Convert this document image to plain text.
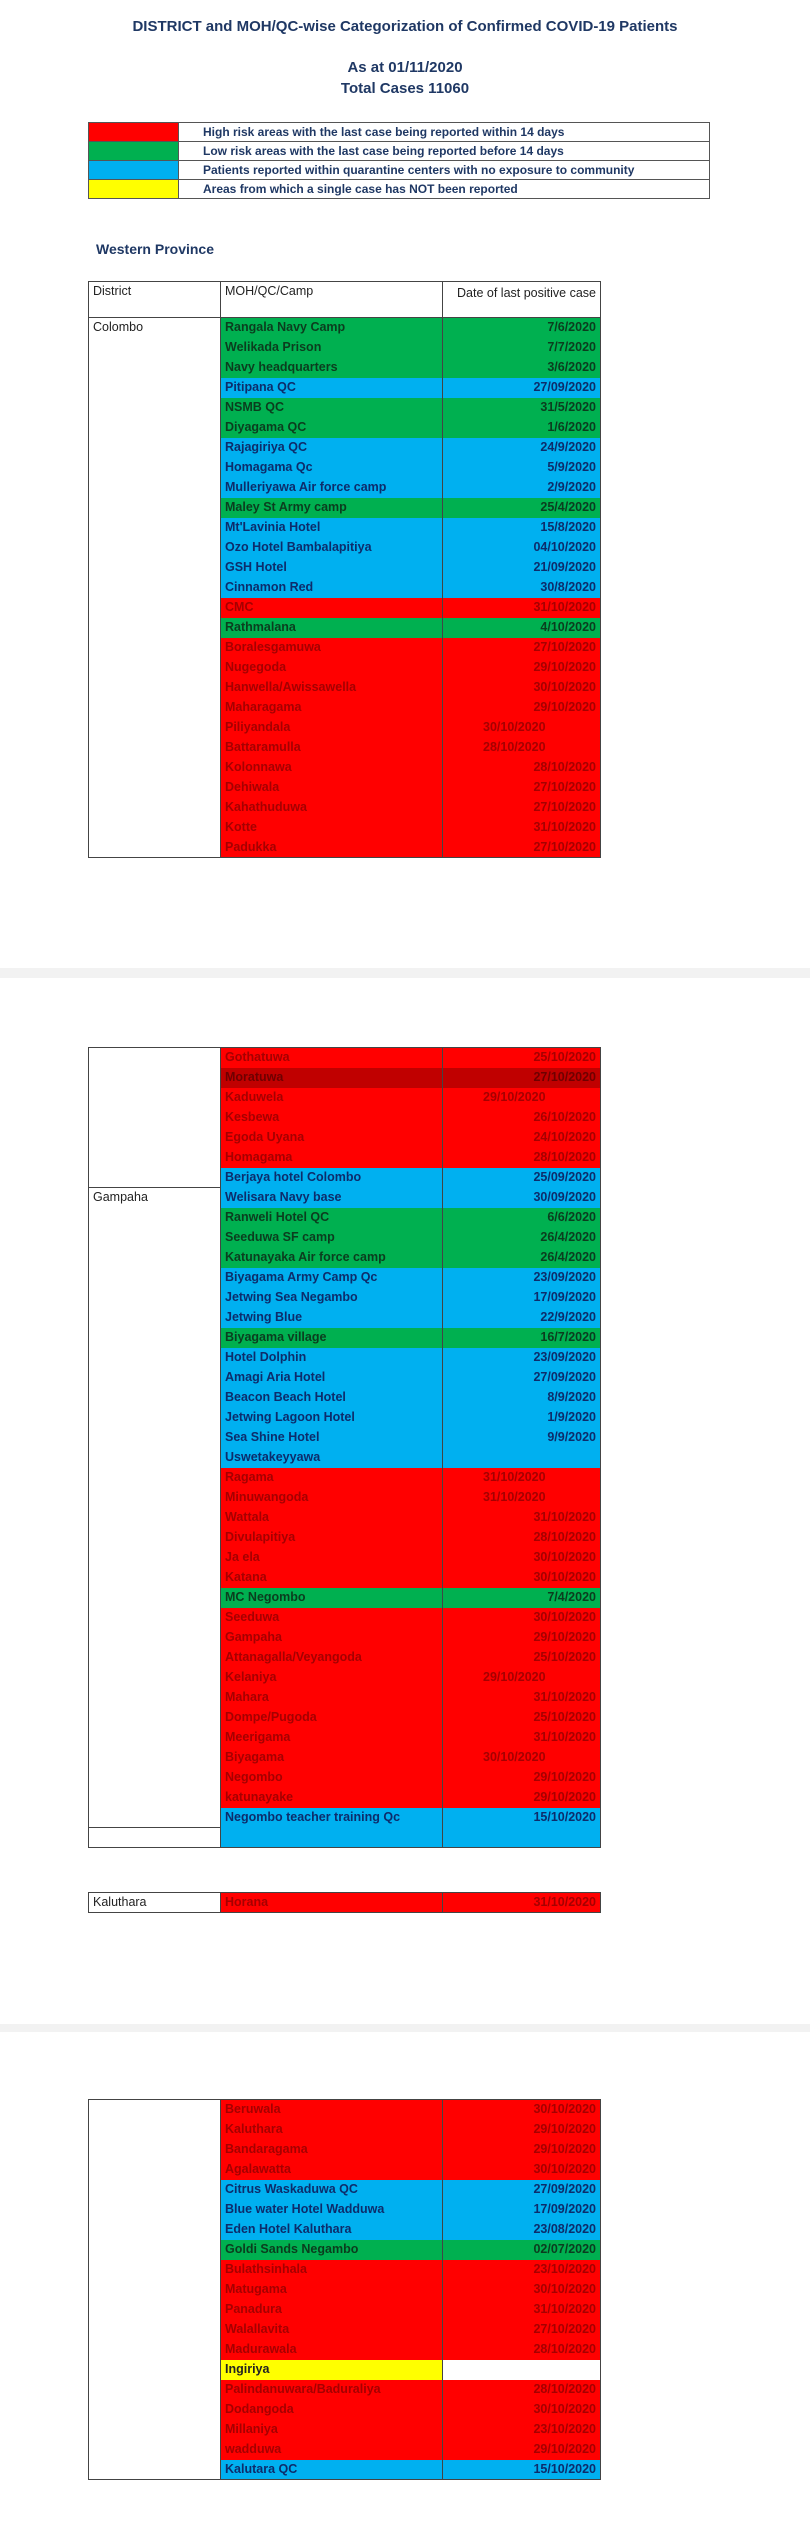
DISTRICT and MOH/QC-wise Categorization of Confirmed COVID-19 Patients
As at 01/11/2020
Total Cases 11060
	High risk areas with the last case being reported within 14 days
	Low risk areas with the last case being reported before 14 days
	Patients reported within quarantine centers with no exposure to community
	Areas from which a single case has NOT been reported
Western Province
District	MOH/QC/Camp	Date of last positive case
Colombo	Rangala Navy Camp	7/6/2020
	Welikada Prison	7/7/2020
	Navy headquarters	3/6/2020
	Pitipana QC	27/09/2020
	NSMB QC	31/5/2020
	Diyagama QC	1/6/2020
	Rajagiriya QC	24/9/2020
	Homagama Qc	5/9/2020
	Mulleriyawa Air force camp	2/9/2020
	Maley St Army camp	25/4/2020
	Mt'Lavinia Hotel	15/8/2020
	Ozo Hotel Bambalapitiya	04/10/2020
	GSH Hotel	21/09/2020
	Cinnamon Red	30/8/2020
	CMC	31/10/2020
	Rathmalana	4/10/2020
	Boralesgamuwa	27/10/2020
	Nugegoda	29/10/2020
	Hanwella/Awissawella	30/10/2020
	Maharagama	29/10/2020
	Piliyandala	30/10/2020
	Battaramulla	28/10/2020
	Kolonnawa	28/10/2020
	Dehiwala	27/10/2020
	Kahathuduwa	27/10/2020
	Kotte	31/10/2020
	Padukka	27/10/2020
	Gothatuwa	25/10/2020
	Moratuwa	27/10/2020
	Kaduwela	29/10/2020
	Kesbewa	26/10/2020
	Egoda Uyana	24/10/2020
	Homagama	28/10/2020
	Berjaya hotel Colombo	25/09/2020
Gampaha	Welisara Navy base	30/09/2020
	Ranweli Hotel QC	6/6/2020
	Seeduwa SF camp	26/4/2020
	Katunayaka Air force camp	26/4/2020
	Biyagama Army Camp Qc	23/09/2020
	Jetwing Sea Negambo	17/09/2020
	Jetwing Blue	22/9/2020
	Biyagama village	16/7/2020
	Hotel Dolphin	23/09/2020
	Amagi Aria Hotel	27/09/2020
	Beacon Beach Hotel	8/9/2020
	Jetwing Lagoon Hotel	1/9/2020
	Sea Shine Hotel	9/9/2020
	Uswetakeyyawa	
	Ragama	31/10/2020
	Minuwangoda	31/10/2020
	Wattala	31/10/2020
	Divulapitiya	28/10/2020
	Ja ela	30/10/2020
	Katana	30/10/2020
	MC Negombo	7/4/2020
	Seeduwa	30/10/2020
	Gampaha	29/10/2020
	Attanagalla/Veyangoda	25/10/2020
	Kelaniya	29/10/2020
	Mahara	31/10/2020
	Dompe/Pugoda	25/10/2020
	Meerigama	31/10/2020
	Biyagama	30/10/2020
	Negombo	29/10/2020
	katunayake	29/10/2020
	Negombo teacher training Qc	15/10/2020

Kaluthara	Horana	31/10/2020
	Beruwala	30/10/2020
	Kaluthara	29/10/2020
	Bandaragama	29/10/2020
	Agalawatta	30/10/2020
	Citrus Waskaduwa QC	27/09/2020
	Blue water Hotel Wadduwa	17/09/2020
	Eden Hotel Kaluthara	23/08/2020
	Goldi Sands Negambo	02/07/2020
	Bulathsinhala	23/10/2020
	Matugama	30/10/2020
	Panadura	31/10/2020
	Walallavita	27/10/2020
	Madurawala	28/10/2020
	Ingiriya	
	Palindanuwara/Baduraliya	28/10/2020
	Dodangoda	30/10/2020
	Millaniya	23/10/2020
	wadduwa	29/10/2020
	Kalutara QC	15/10/2020
